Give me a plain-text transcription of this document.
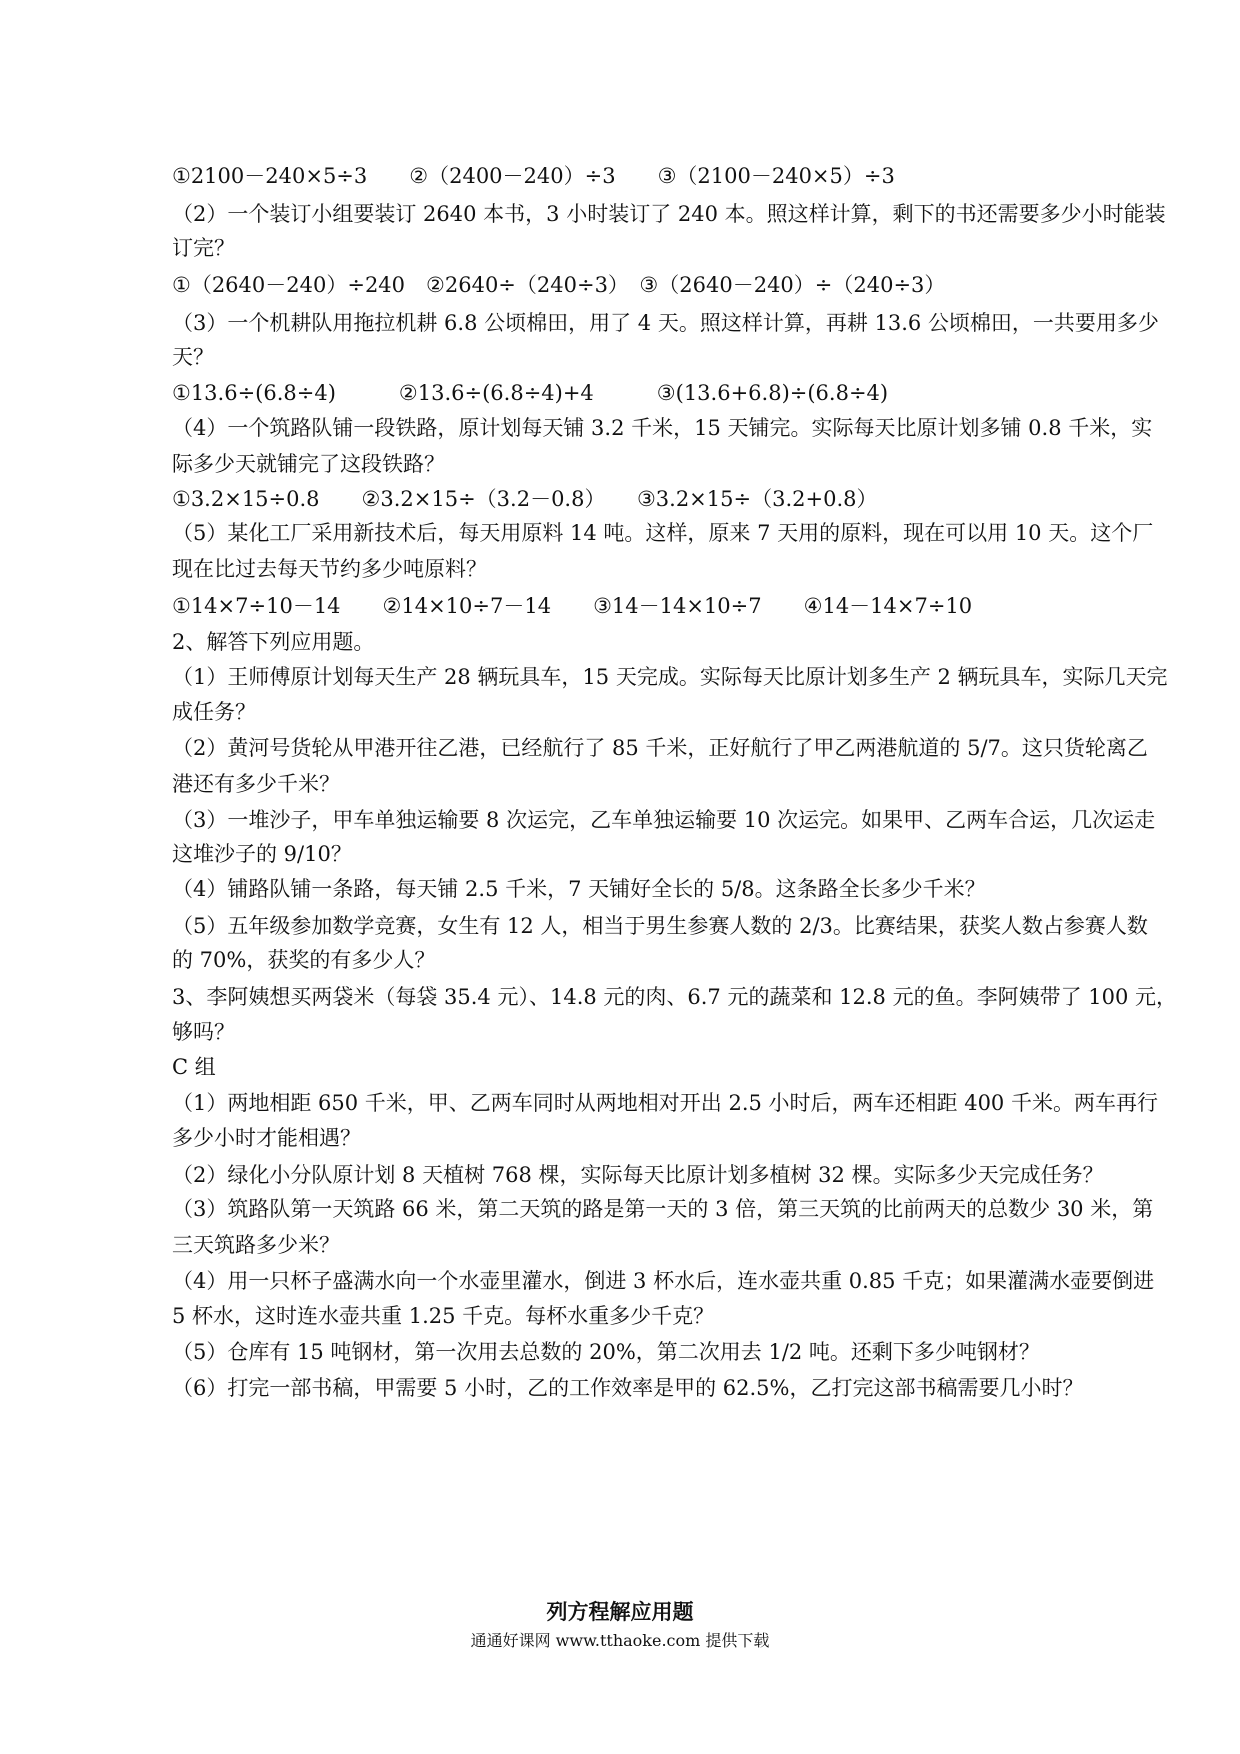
①2100－240×5÷3　　②（2400－240）÷3　　③（2100－240×5）÷3
（2）一个装订小组要装订 2640 本书，3 小时装订了 240 本。照这样计算，剩下的书还需要多少小时能装
订完？
①（2640－240）÷240　②2640÷（240÷3）　③（2640－240）÷（240÷3）
（3）一个机耕队用拖拉机耕 6.8 公顷棉田，用了 4 天。照这样计算，再耕 13.6 公顷棉田，一共要用多少
天？
①13.6÷(6.8÷4)　　　②13.6÷(6.8÷4)+4　　　③(13.6+6.8)÷(6.8÷4)
（4）一个筑路队铺一段铁路，原计划每天铺 3.2 千米，15 天铺完。实际每天比原计划多铺 0.8 千米，实
际多少天就铺完了这段铁路？
①3.2×15÷0.8　　②3.2×15÷（3.2－0.8）　　③3.2×15÷（3.2+0.8）
（5）某化工厂采用新技术后，每天用原料 14 吨。这样，原来 7 天用的原料，现在可以用 10 天。这个厂
现在比过去每天节约多少吨原料？
①14×7÷10－14　　②14×10÷7－14　　③14－14×10÷7　　④14－14×7÷10
2、解答下列应用题。
（1）王师傅原计划每天生产 28 辆玩具车，15 天完成。实际每天比原计划多生产 2 辆玩具车，实际几天完
成任务？
（2）黄河号货轮从甲港开往乙港，已经航行了 85 千米，正好航行了甲乙两港航道的 5/7。这只货轮离乙
港还有多少千米？
（3）一堆沙子，甲车单独运输要 8 次运完，乙车单独运输要 10 次运完。如果甲、乙两车合运，几次运走
这堆沙子的 9/10？
（4）铺路队铺一条路，每天铺 2.5 千米，7 天铺好全长的 5/8。这条路全长多少千米？
（5）五年级参加数学竞赛，女生有 12 人，相当于男生参赛人数的 2/3。比赛结果，获奖人数占参赛人数
的 70%，获奖的有多少人？
3、李阿姨想买两袋米（每袋 35.4 元）、14.8 元的肉、6.7 元的蔬菜和 12.8 元的鱼。李阿姨带了 100 元，
够吗？
C 组
（1）两地相距 650 千米，甲、乙两车同时从两地相对开出 2.5 小时后，两车还相距 400 千米。两车再行
多少小时才能相遇？
（2）绿化小分队原计划 8 天植树 768 棵，实际每天比原计划多植树 32 棵。实际多少天完成任务？
（3）筑路队第一天筑路 66 米，第二天筑的路是第一天的 3 倍，第三天筑的比前两天的总数少 30 米，第
三天筑路多少米？
（4）用一只杯子盛满水向一个水壶里灌水，倒进 3 杯水后，连水壶共重 0.85 千克；如果灌满水壶要倒进
5 杯水，这时连水壶共重 1.25 千克。每杯水重多少千克？
（5）仓库有 15 吨钢材，第一次用去总数的 20%，第二次用去 1/2 吨。还剩下多少吨钢材？
（6）打完一部书稿，甲需要 5 小时，乙的工作效率是甲的 62.5%，乙打完这部书稿需要几小时？
列方程解应用题
通通好课网 www.tthaoke.com 提供下载
